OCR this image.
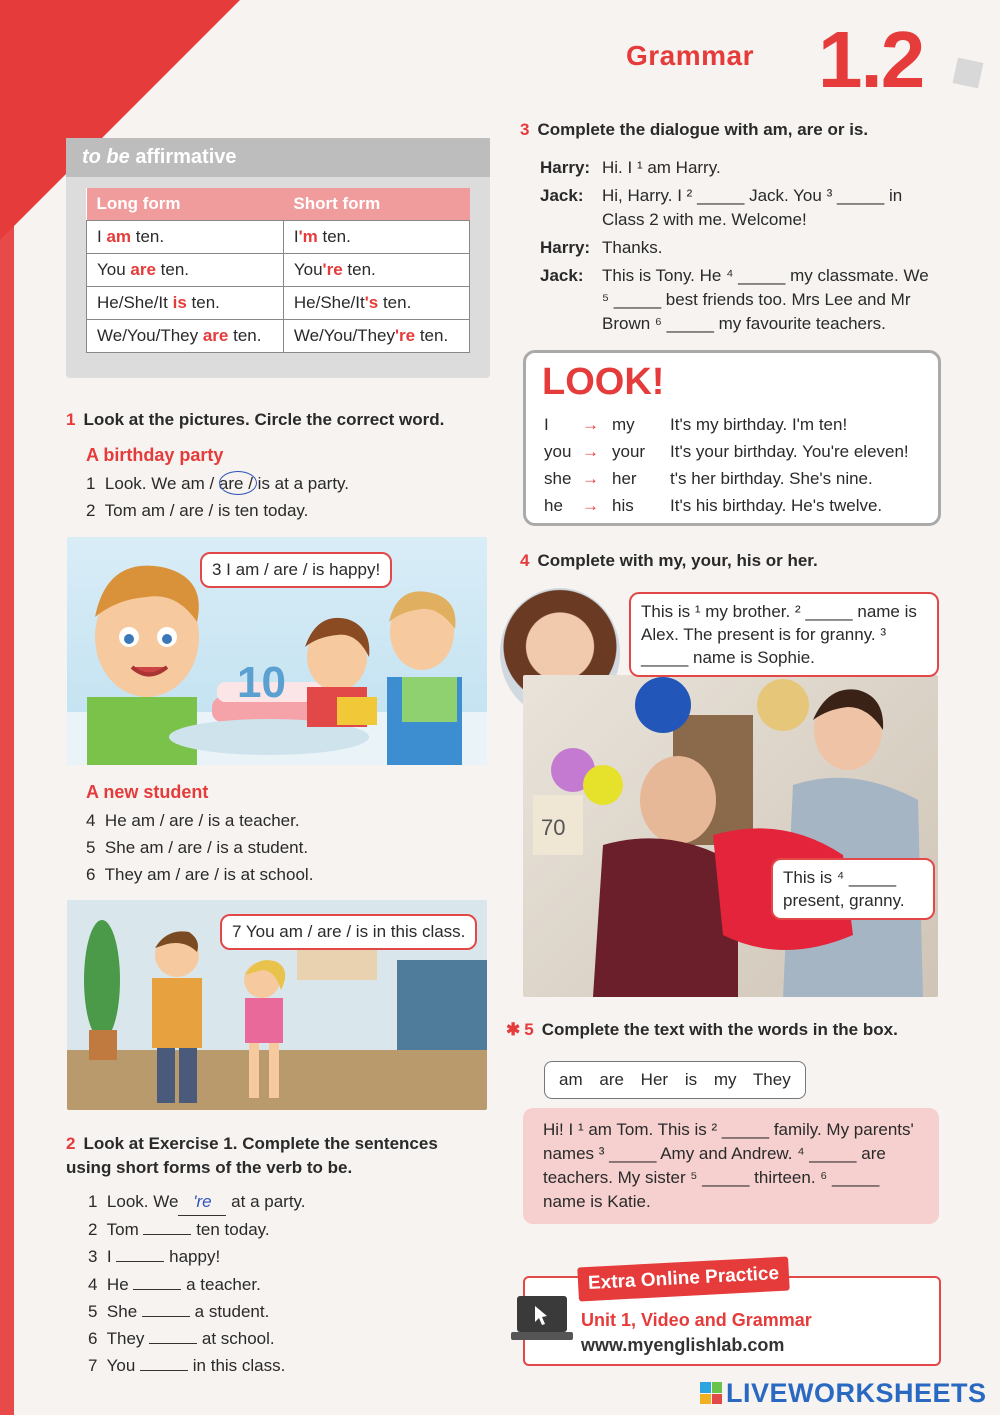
Grammar 1.2
to be affirmative
Long form	Short form
I am ten.	I'm ten.
You are ten.	You're ten.
He/She/It is ten.	He/She/It's ten.
We/You/They are ten.	We/You/They're ten.
1 Look at the pictures. Circle the correct word.
A birthday party
1 Look. We am / are / is at a party.
2 Tom am / are / is ten today.
10
3 I am / are / is happy!
A new student
4 He am / are / is a teacher.
5 She am / are / is a student.
6 They am / are / is at school.
7 You am / are / is in this class.
2 Look at Exercise 1. Complete the sentences using short forms of the verb to be.
1 Look. We 're at a party.
2 Tom	ten today.
3 I	happy!
4 He	a teacher.
5 She	a student.
6 They	at school.
7 You	in this class.
3 Complete the dialogue with am, are or is.
Harry: Hi. I ¹ am Harry.
Jack:	Hi, Harry. I ² _____ Jack. You ³ _____ in Class 2 with me. Welcome!
Harry: Thanks.
Jack:	This is Tony. He ⁴ _____ my classmate. We ⁵ _____ best friends too. Mrs Lee and Mr Brown ⁶ _____ my favourite teachers.
LOOK!
I	→ my	It's my birthday. I'm ten!
you → your	It's your birthday. You're eleven!
she → her	t's her birthday. She's nine.
he	→ his	It's his birthday. He's twelve.
4 Complete with my, your, his or her.
70
This is ¹ my brother. ² _____ name is Alex. The present is for granny. ³ _____ name is Sophie.
This is ⁴ _____ present, granny.
✱ 5 Complete the text with the words in the box.
am are Her is my They
Hi! I ¹ am Tom. This is ² _____ family. My parents' names ³ _____ Amy and Andrew. ⁴ _____ are teachers. My sister ⁵ _____ thirteen. ⁶ _____ name is Katie.
Unit 1, Video and Grammar
www.myenglishlab.com
Extra Online Practice
LIVEWORKSHEETS
